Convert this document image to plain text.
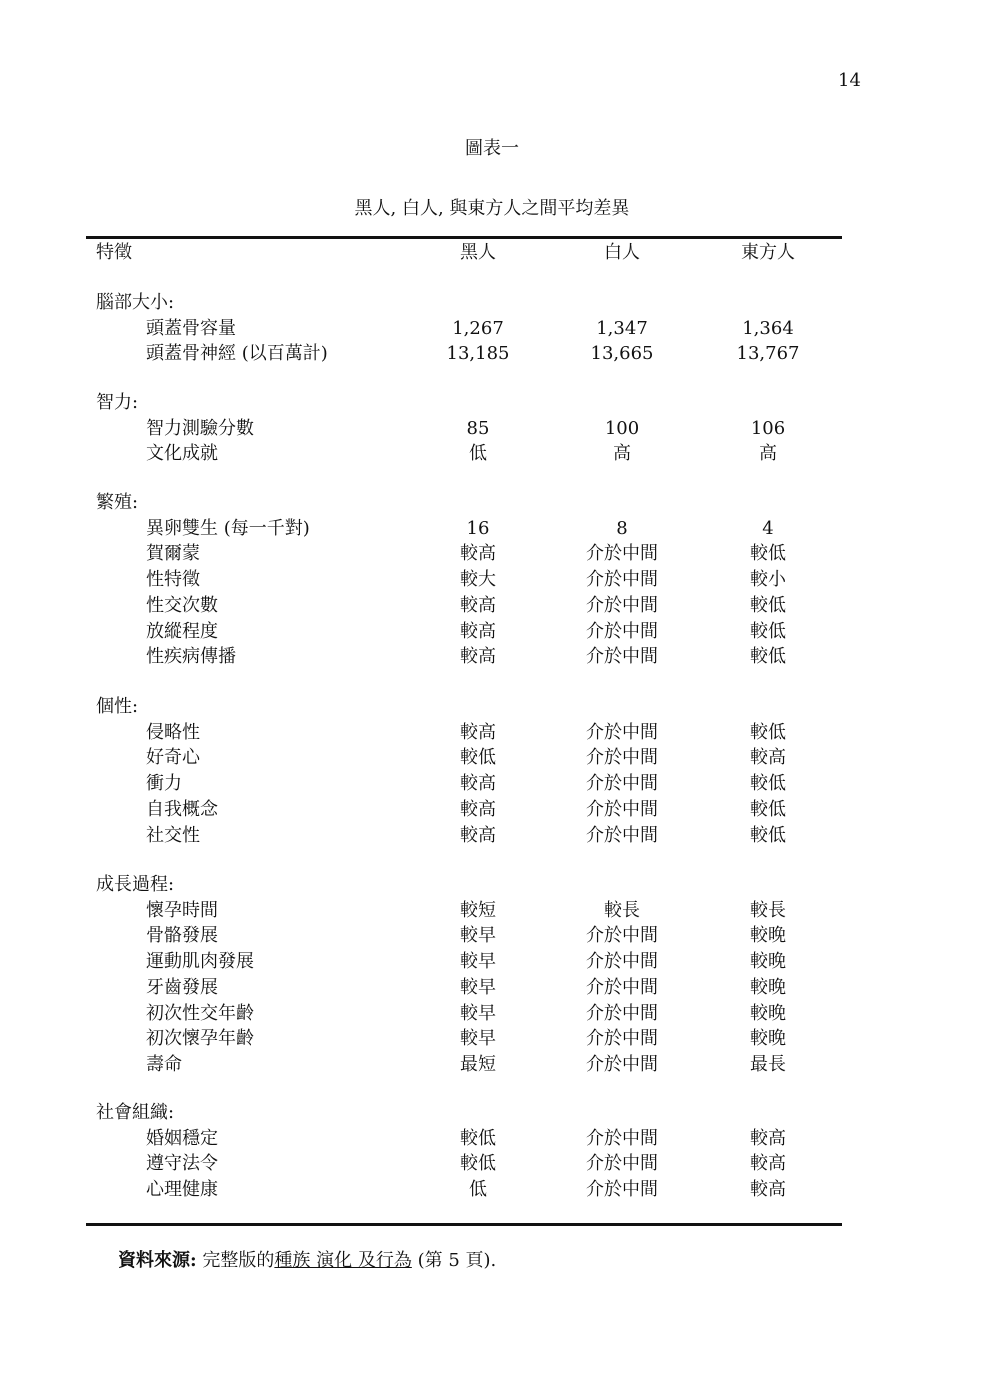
14
圖表一
黑人, 白人, 與東方人之間平均差異
特徵	黑人	白人	東方人
腦部大小:
頭蓋骨容量	1,267	1,347	1,364
頭蓋骨神經 (以百萬計)	13,185	13,665	13,767
智力:
智力測驗分數	85	100	106
文化成就	低	高	高
繁殖:
異卵雙生 (每一千對)	16	8	4
賀爾蒙	較高	介於中間	較低
性特徵	較大	介於中間	較小
性交次數	較高	介於中間	較低
放縱程度	較高	介於中間	較低
性疾病傳播	較高	介於中間	較低
個性:
侵略性	較高	介於中間	較低
好奇心	較低	介於中間	較高
衝力	較高	介於中間	較低
自我概念	較高	介於中間	較低
社交性	較高	介於中間	較低
成長過程:
懷孕時間	較短	較長	較長
骨骼發展	較早	介於中間	較晚
運動肌肉發展	較早	介於中間	較晚
牙齒發展	較早	介於中間	較晚
初次性交年齡	較早	介於中間	較晚
初次懷孕年齡	較早	介於中間	較晚
壽命	最短	介於中間	最長
社會組織:
婚姻穩定	較低	介於中間	較高
遵守法令	較低	介於中間	較高
心理健康	低	介於中間	較高
資料來源: 完整版的種族 演化 及行為 (第 5 頁).
